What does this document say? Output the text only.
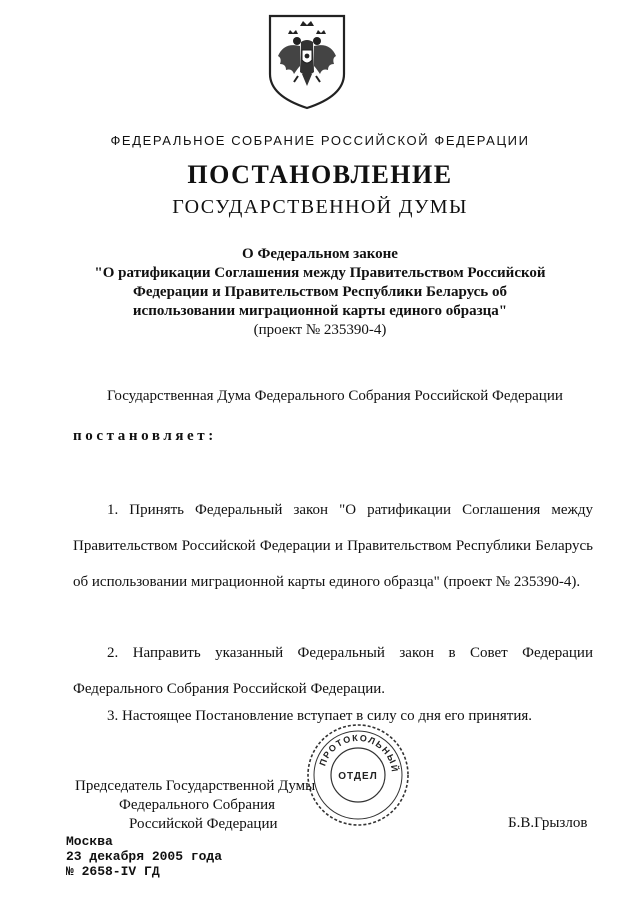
ФЕДЕРАЛЬНОЕ СОБРАНИЕ РОССИЙСКОЙ ФЕДЕРАЦИИ
ПОСТАНОВЛЕНИЕ
ГОСУДАРСТВЕННОЙ ДУМЫ
О Федеральном законе
"О ратификации Соглашения между Правительством Российской
Федерации и Правительством Республики Беларусь об
использовании миграционной карты единого образца"
(проект № 235390-4)
Государственная Дума Федерального Собрания Российской Федерации
постановляет:
1. Принять Федеральный закон "О ратификации Соглашения между Правительством Российской Федерации и Правительством Республики Беларусь об использовании миграционной карты единого образца" (проект № 235390-4).
2. Направить указанный Федеральный закон в Совет Федерации Федерального Собрания Российской Федерации.
3. Настоящее Постановление вступает в силу со дня его принятия.
ПРОТОКОЛЬНЫЙ
ОТДЕЛ
Председатель Государственной Думы
Федерального Собрания
Российской Федерации	Б.В.Грызлов
Москва
23 декабря 2005 года
№ 2658-IV ГД
